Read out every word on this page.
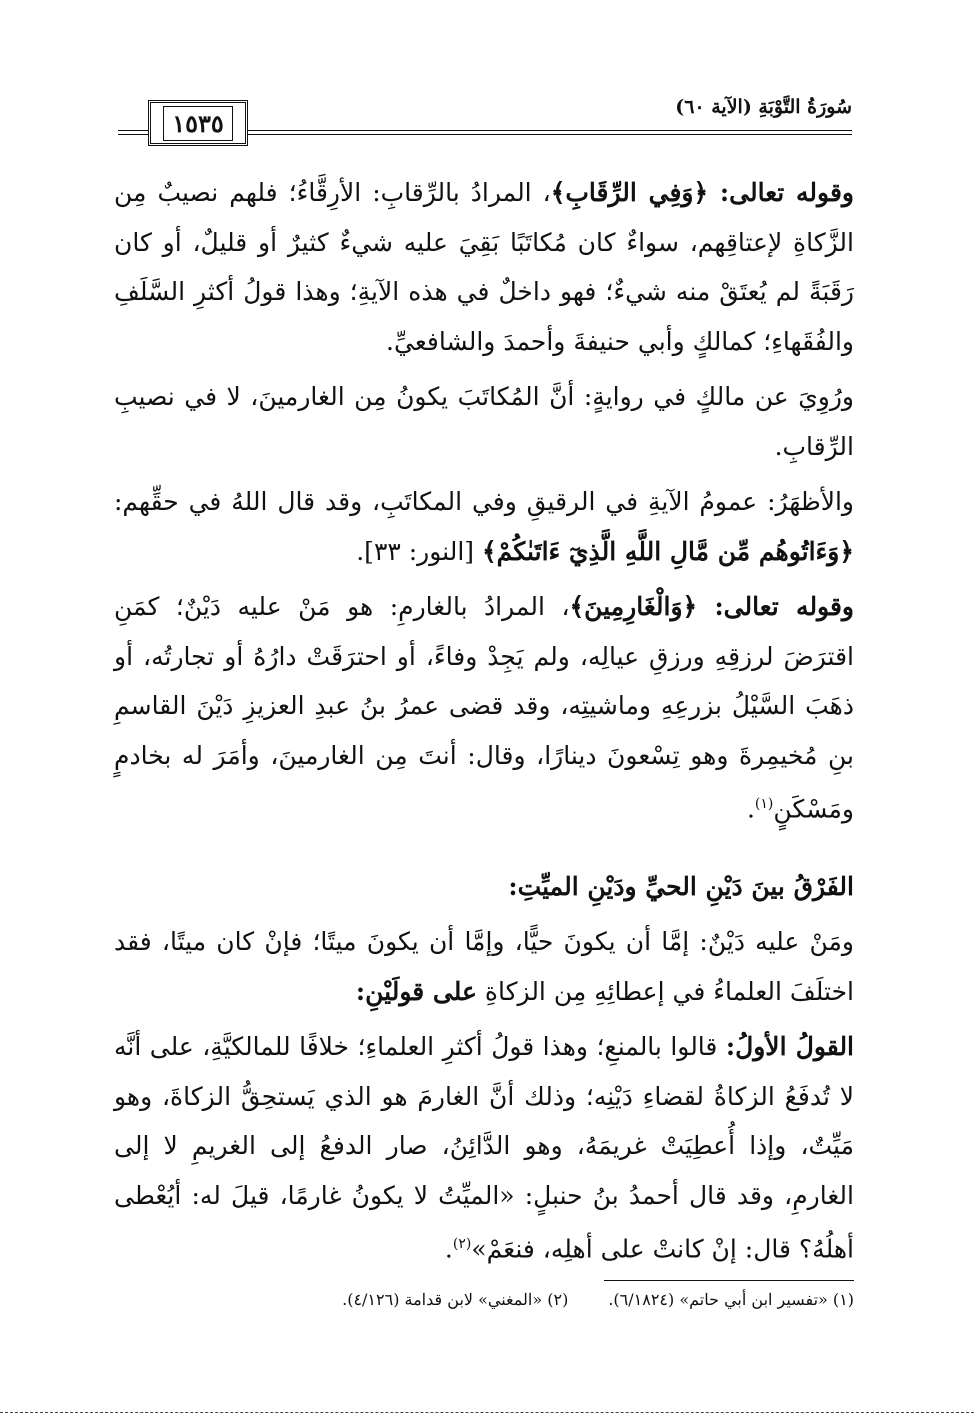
سُورَةُ التَّوْبَةِ (الآية ٦٠)
١٥٣٥

وقوله تعالى: ﴿وَفِي الرِّقَابِ﴾، المرادُ بالرِّقابِ: الأرِقَّاءُ؛ فلهم نصيبٌ مِن الزَّكاةِ لإعتاقِهم، سواءٌ كان مُكاتَبًا بَقِيَ عليه شيءٌ كثيرٌ أو قليلٌ، أو كان رَقَبَةً لم يُعتَقْ منه شيءٌ؛ فهو داخلٌ في هذه الآيةِ؛ وهذا قولُ أكثرِ السَّلَفِ والفُقَهاءِ؛ كمالكٍ وأبي حنيفةَ وأحمدَ والشافعيِّ.

ورُوِيَ عن مالكٍ في روايةٍ: أنَّ المُكاتَبَ يكونُ مِن الغارمينَ، لا في نصيبِ الرِّقابِ.

والأظهَرُ: عمومُ الآيةِ في الرقيقِ وفي المكاتَبِ، وقد قال اللهُ في حقِّهم: ﴿وَءَاتُوهُم مِّن مَّالِ اللَّهِ الَّذِيٓ ءَاتَىٰكُمْ﴾ [النور: ٣٣].

وقوله تعالى: ﴿وَالْغَارِمِينَ﴾، المرادُ بالغارمِ: هو مَنْ عليه دَيْنٌ؛ كمَنِ اقترَضَ لرزقِهِ ورزقِ عيالِه، ولم يَجِدْ وفاءً، أو احترَقَتْ دارُهُ أو تجارتُه، أو ذهَبَ السَّيْلُ بزرعِهِ وماشيتِه، وقد قضى عمرُ بنُ عبدِ العزيزِ دَيْنَ القاسمِ بنِ مُخيمِرةَ وهو تِسْعونَ دينارًا، وقال: أنتَ مِن الغارمينَ، وأمَرَ له بخادمٍ ومَسْكَنٍ$^{(١)}$.

الفَرْقُ بينَ دَيْنِ الحيِّ ودَيْنِ الميِّتِ:

ومَنْ عليه دَيْنٌ: إمَّا أن يكونَ حيًّا، وإمَّا أن يكونَ ميتًا؛ فإنْ كان ميتًا، فقد اختلَفَ العلماءُ في إعطائِهِ مِن الزكاةِ على قولَيْنِ:

القولُ الأولُ: قالوا بالمنعِ؛ وهذا قولُ أكثرِ العلماءِ؛ خلافًا للمالكيَّةِ، على أنَّه لا تُدفَعُ الزكاةُ لقضاءِ دَيْنِه؛ وذلك أنَّ الغارمَ هو الذي يَستحِقُّ الزكاةَ، وهو مَيِّتٌ، وإذا أُعطِيَتْ غريمَهُ، وهو الدَّائِنُ، صار الدفعُ إلى الغريمِ لا إلى الغارمِ، وقد قال أحمدُ بنُ حنبلٍ: «الميِّتُ لا يكونُ غارمًا، قيلَ له: أيُعْطى أهلُهُ؟ قال: إنْ كانتْ على أهلِه، فنعَمْ»$^{(٢)}$.

(١) «تفسير ابن أبي حاتم» (٦/١٨٢٤).
(٢) «المغني» لابن قدامة (٤/١٢٦).
